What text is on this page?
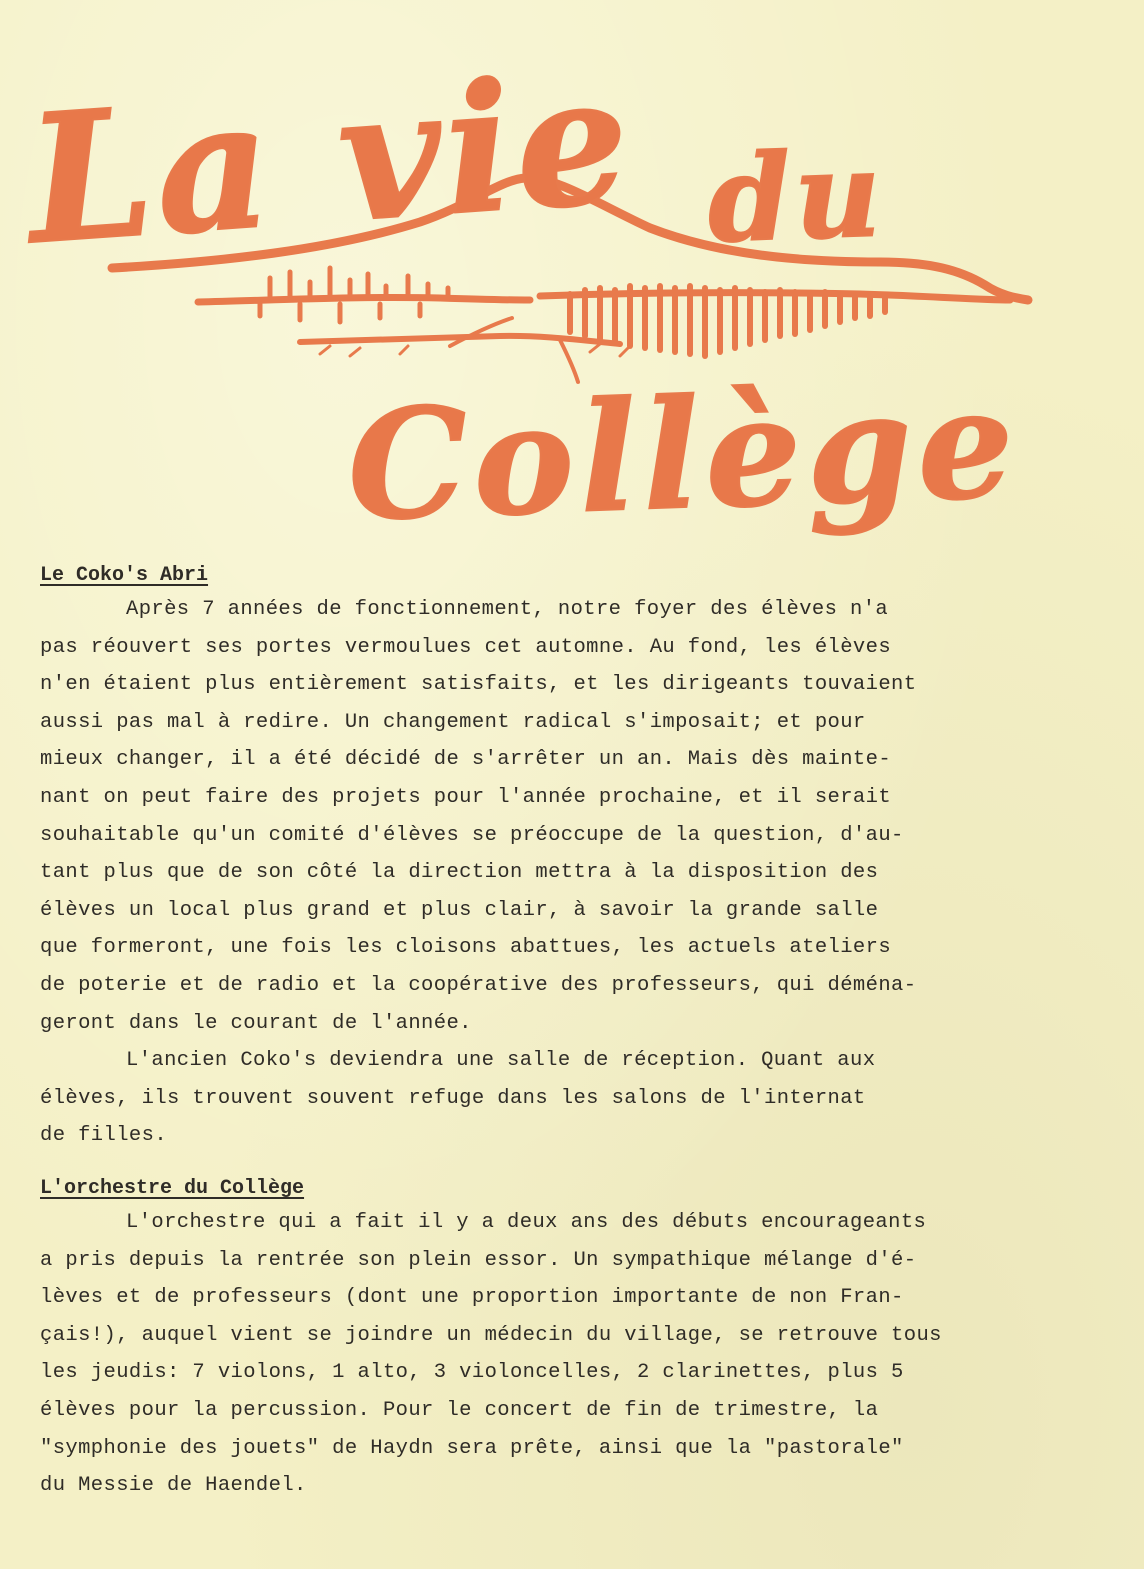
La vie du
Collège
Le Coko's Abri

Après 7 années de fonctionnement, notre foyer des élèves n'a
pas réouvert ses portes vermoulues cet automne. Au fond, les élèves
n'en étaient plus entièrement satisfaits, et les dirigeants touvaient
aussi pas mal à redire. Un changement radical s'imposait; et pour
mieux changer, il a été décidé de s'arrêter un an. Mais dès mainte-
nant on peut faire des projets pour l'année prochaine, et il serait
souhaitable qu'un comité d'élèves se préoccupe de la question, d'au-
tant plus que de son côté la direction mettra à la disposition des
élèves un local plus grand et plus clair, à savoir la grande salle
que formeront, une fois les cloisons abattues, les actuels ateliers
de poterie et de radio et la coopérative des professeurs, qui déména-
geront dans le courant de l'année.

L'ancien Coko's deviendra une salle de réception. Quant aux
élèves, ils trouvent souvent refuge dans les salons de l'internat
de filles.

L'orchestre du Collège

L'orchestre qui a fait il y a deux ans des débuts encourageants
a pris depuis la rentrée son plein essor. Un sympathique mélange d'é-
lèves et de professeurs (dont une proportion importante de non Fran-
çais!), auquel vient se joindre un médecin du village, se retrouve tous
les jeudis: 7 violons, 1 alto, 3 violoncelles, 2 clarinettes, plus 5
élèves pour la percussion. Pour le concert de fin de trimestre, la
"symphonie des jouets" de Haydn sera prête, ainsi que la "pastorale"
du Messie de Haendel.
